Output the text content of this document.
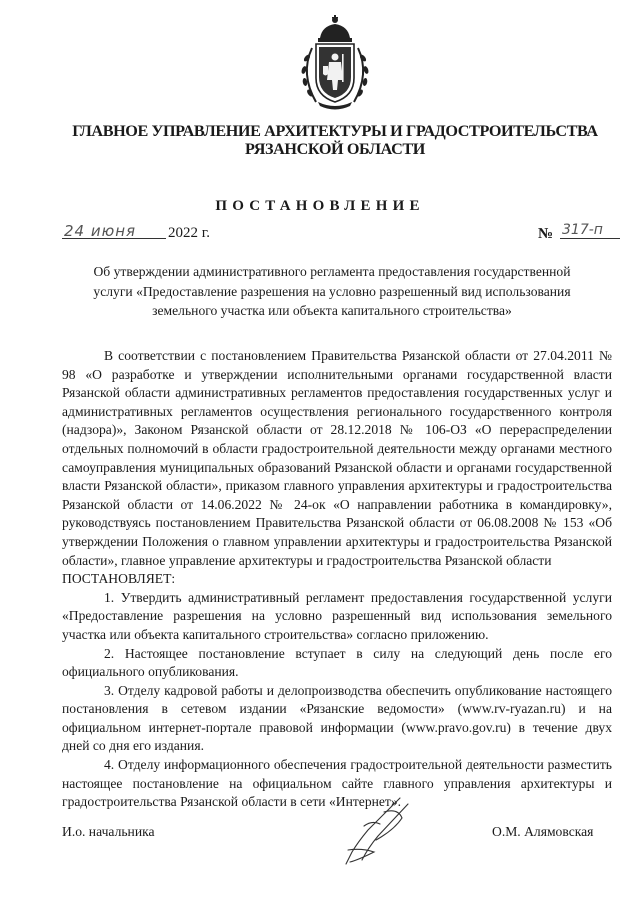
ГЛАВНОЕ УПРАВЛЕНИЕ АРХИТЕКТУРЫ И ГРАДОСТРОИТЕЛЬСТВА
РЯЗАНСКОЙ ОБЛАСТИ
ПОСТАНОВЛЕНИЕ
24 июня 2022 г.	№ 317-п

Об утверждении административного регламента предоставления государственной

услуги «Предоставление разрешения на условно разрешенный вид использования

земельного участка или объекта капитального строительства»

В соответствии с постановлением Правительства Рязанской области от 27.04.2011 № 98 «О разработке и утверждении исполнительными органами государственной власти Рязанской области административных регламентов предоставления государственных услуг и административных регламентов осуществления регионального государственного контроля (надзора)», Законом Рязанской области от 28.12.2018 № 106-ОЗ «О перераспределении отдельных полномочий в области градостроительной деятельности между органами местного самоуправления муниципальных образований Рязанской области и органами государственной власти Рязанской области», приказом главного управления архитектуры и градостроительства Рязанской области от 14.06.2022 № 24-ок «О направлении работника в командировку», руководствуясь постановлением Правительства Рязанской области от 06.08.2008 № 153 «Об утверждении Положения о главном управлении архитектуры и градостроительства Рязанской области», главное управление архитектуры и градостроительства Рязанской области

ПОСТАНОВЛЯЕТ:

1. Утвердить административный регламент предоставления государственной услуги «Предоставление разрешения на условно разрешенный вид использования земельного участка или объекта капитального строительства» согласно приложению.

2. Настоящее постановление вступает в силу на следующий день после его официального опубликования.

3. Отделу кадровой работы и делопроизводства обеспечить опубликование настоящего постановления в сетевом издании «Рязанские ведомости» (www.rv-ryazan.ru) и на официальном интернет-портале правовой информации (www.pravo.gov.ru) в течение двух дней со дня его издания.

4. Отделу информационного обеспечения градостроительной деятельности разместить настоящее постановление на официальном сайте главного управления архитектуры и градостроительства Рязанской области в сети «Интернет».

И.о. начальника	О.М. Алямовская
